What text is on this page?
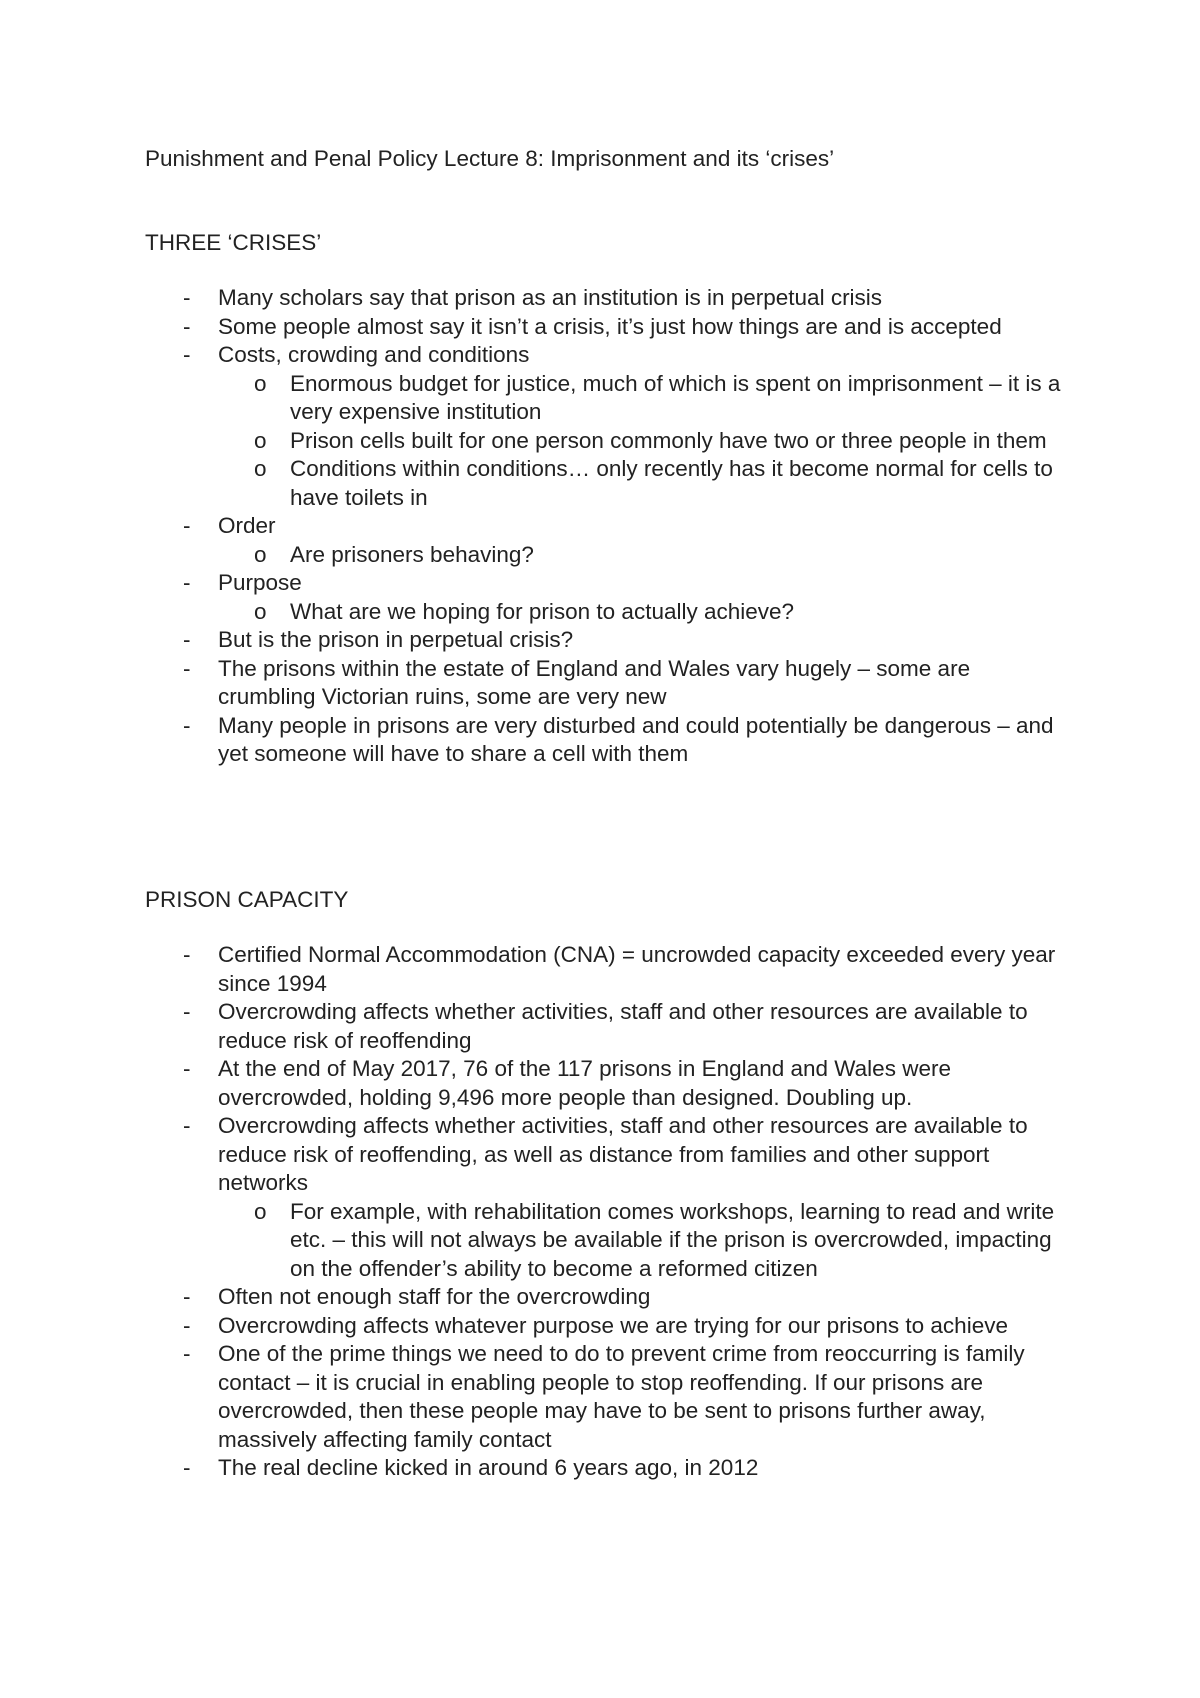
Punishment and Penal Policy Lecture 8: Imprisonment and its ‘crises’
THREE ‘CRISES’
- Many scholars say that prison as an institution is in perpetual crisis
- Some people almost say it isn’t a crisis, it’s just how things are and is accepted
- Costs, crowding and conditions
o Enormous budget for justice, much of which is spent on imprisonment – it is a very expensive institution
o Prison cells built for one person commonly have two or three people in them
o Conditions within conditions… only recently has it become normal for cells to have toilets in
- Order
o Are prisoners behaving?
- Purpose
o What are we hoping for prison to actually achieve?
- But is the prison in perpetual crisis?
- The prisons within the estate of England and Wales vary hugely – some are crumbling Victorian ruins, some are very new
- Many people in prisons are very disturbed and could potentially be dangerous – and yet someone will have to share a cell with them
PRISON CAPACITY
- Certified Normal Accommodation (CNA) = uncrowded capacity exceeded every year since 1994
- Overcrowding affects whether activities, staff and other resources are available to reduce risk of reoffending
- At the end of May 2017, 76 of the 117 prisons in England and Wales were overcrowded, holding 9,496 more people than designed. Doubling up.
- Overcrowding affects whether activities, staff and other resources are available to reduce risk of reoffending, as well as distance from families and other support networks
o For example, with rehabilitation comes workshops, learning to read and write etc. – this will not always be available if the prison is overcrowded, impacting on the offender’s ability to become a reformed citizen
- Often not enough staff for the overcrowding
- Overcrowding affects whatever purpose we are trying for our prisons to achieve
- One of the prime things we need to do to prevent crime from reoccurring is family contact – it is crucial in enabling people to stop reoffending. If our prisons are overcrowded, then these people may have to be sent to prisons further away, massively affecting family contact
- The real decline kicked in around 6 years ago, in 2012
